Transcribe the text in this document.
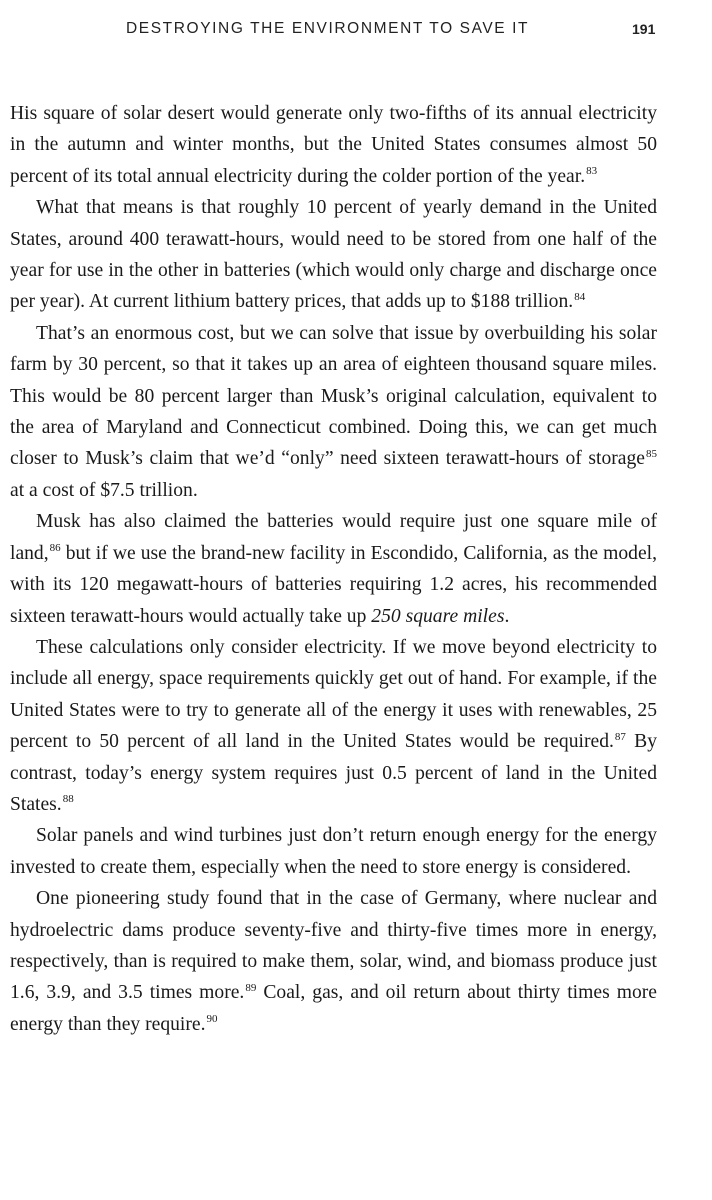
DESTROYING THE ENVIRONMENT TO SAVE IT	191

His square of solar desert would generate only two-fifths of its annual electricity in the autumn and winter months, but the United States consumes almost 50 percent of its total annual electricity during the colder portion of the year.$^{83}$

What that means is that roughly 10 percent of yearly demand in the United States, around 400 terawatt-hours, would need to be stored from one half of the year for use in the other in batteries (which would only charge and discharge once per year). At current lithium battery prices, that adds up to $188 trillion.$^{84}$

That’s an enormous cost, but we can solve that issue by overbuilding his solar farm by 30 percent, so that it takes up an area of eighteen thousand square miles. This would be 80 percent larger than Musk’s original calculation, equivalent to the area of Maryland and Connecticut combined. Doing this, we can get much closer to Musk’s claim that we’d “only” need sixteen terawatt-hours of storage$^{85}$ at a cost of $7.5 trillion.

Musk has also claimed the batteries would require just one square mile of land,$^{86}$ but if we use the brand-new facility in Escondido, California, as the model, with its 120 megawatt-hours of batteries requiring 1.2 acres, his recommended sixteen terawatt-hours would actually take up 250 square miles.

These calculations only consider electricity. If we move beyond electricity to include all energy, space requirements quickly get out of hand. For example, if the United States were to try to generate all of the energy it uses with renewables, 25 percent to 50 percent of all land in the United States would be required.$^{87}$ By contrast, today’s energy system requires just 0.5 percent of land in the United States.$^{88}$

Solar panels and wind turbines just don’t return enough energy for the energy invested to create them, especially when the need to store energy is considered.

One pioneering study found that in the case of Germany, where nuclear and hydroelectric dams produce seventy-five and thirty-five times more in energy, respectively, than is required to make them, solar, wind, and biomass produce just 1.6, 3.9, and 3.5 times more.$^{89}$ Coal, gas, and oil return about thirty times more energy than they require.$^{90}$
